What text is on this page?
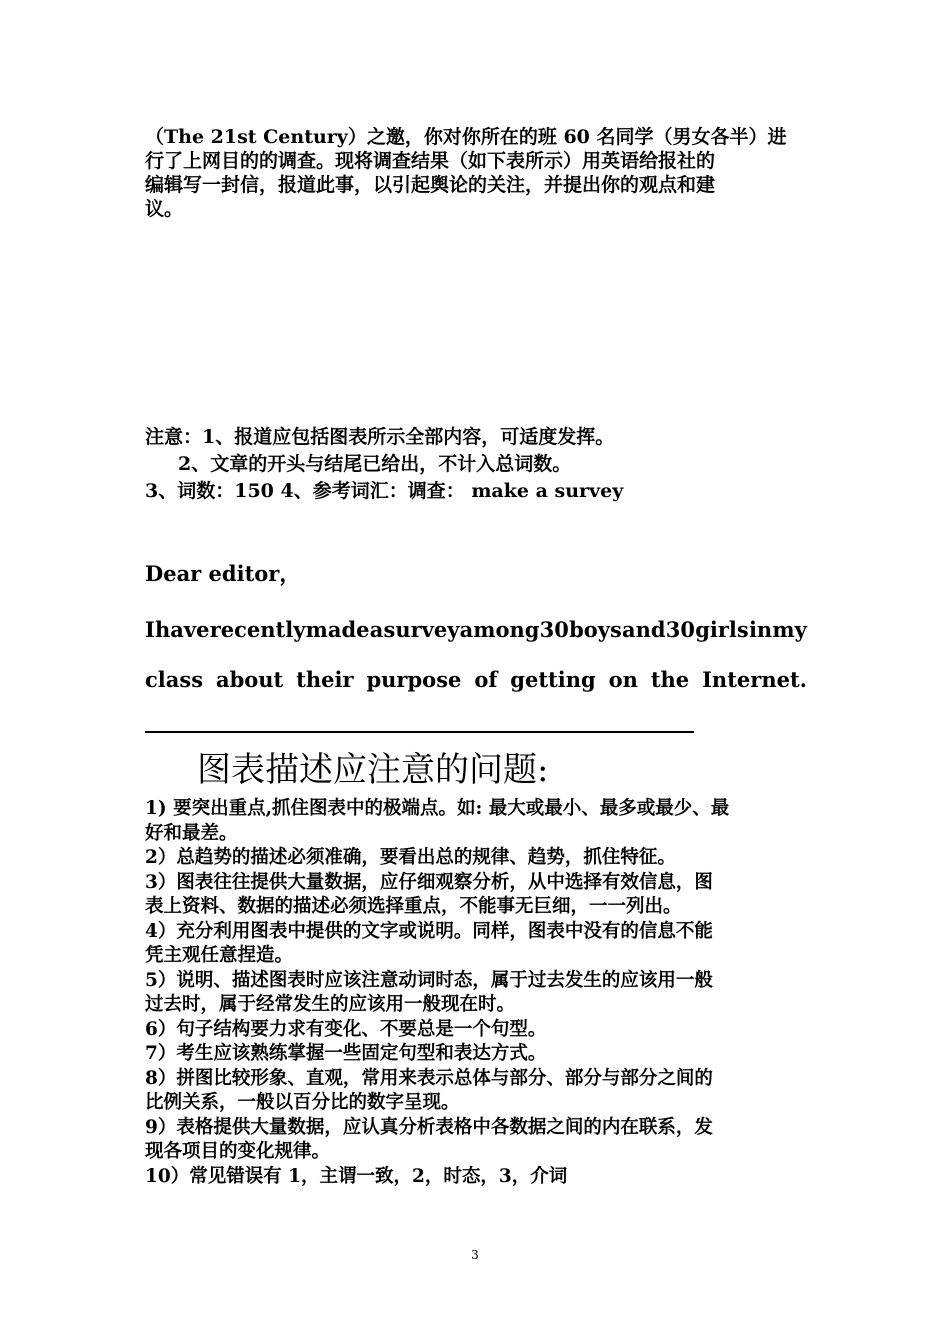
（The 21st Century）之邀，你对你所在的班 60 名同学（男女各半）进
行了上网目的的调查。现将调查结果（如下表所示）用英语给报社的
编辑写一封信，报道此事，以引起舆论的关注，并提出你的观点和建
议。
注意：1、报道应包括图表所示全部内容，可适度发挥。
2、文章的开头与结尾已给出，不计入总词数。
3、词数：150 4、参考词汇：调查： make a survey
Dear editor，
I have recently made a survey among 30 boys and 30 girls in my
class about their purpose of getting on the Internet.
图表描述应注意的问题:
1) 要突出重点,抓住图表中的极端点。如: 最大或最小、最多或最少、最
好和最差。
2）总趋势的描述必须准确，要看出总的规律、趋势，抓住特征。
3）图表往往提供大量数据，应仔细观察分析，从中选择有效信息，图
表上资料、数据的描述必须选择重点，不能事无巨细，一一列出。
4）充分利用图表中提供的文字或说明。同样，图表中没有的信息不能
凭主观任意捏造。
5）说明、描述图表时应该注意动词时态，属于过去发生的应该用一般
过去时，属于经常发生的应该用一般现在时。
6）句子结构要力求有变化、不要总是一个句型。
7）考生应该熟练掌握一些固定句型和表达方式。
8）拼图比较形象、直观，常用来表示总体与部分、部分与部分之间的
比例关系，一般以百分比的数字呈现。
9）表格提供大量数据，应认真分析表格中各数据之间的内在联系，发
现各项目的变化规律。
10）常见错误有 1，主谓一致，2，时态，3，介词
3
